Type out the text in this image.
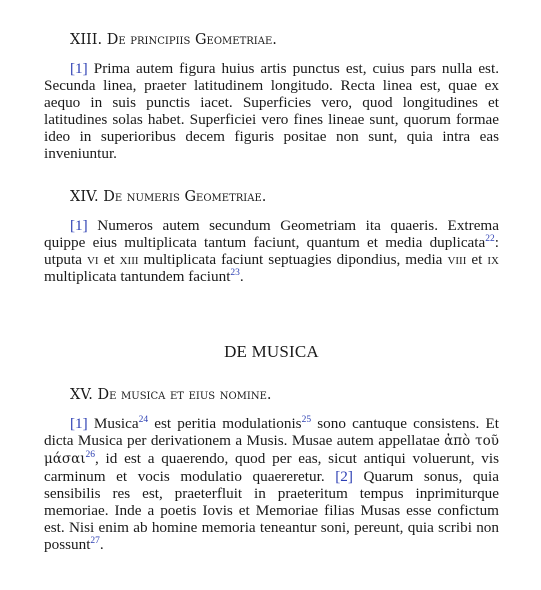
XIII. De principiis Geometriae.
[1] Prima autem figura huius artis punctus est, cuius pars nulla est. Secunda linea, praeter latitudinem longitudo. Recta linea est, quae ex aequo in suis punctis iacet. Superficies vero, quod longitudines et latitudines solas habet. Superficiei vero fines lineae sunt, quorum formae ideo in superioribus decem figuris positae non sunt, quia intra eas inveniuntur.
XIV. De numeris Geometriae.
[1] Numeros autem secundum Geometriam ita quaeris. Extrema quippe eius multiplicata tantum faciunt, quantum et media duplicata$^{22}$: utputa vi et xiii multiplicata faciunt septuagies dipondius, media viii et ix multiplicata tantundem faciunt$^{23}$.
DE MUSICA
XV. De musica et eius nomine.
[1] Musica$^{24}$ est peritia modulationis$^{25}$ sono cantuque consistens. Et dicta Musica per derivationem a Musis. Musae autem appellatae ἀπὸ τοῦ μάσαι$^{26}$, id est a quaerendo, quod per eas, sicut antiqui voluerunt, vis carminum et vocis modulatio quaereretur. [2] Quarum sonus, quia sensibilis res est, praeterfluit in praeteritum tempus inprimiturque memoriae. Inde a poetis Iovis et Memoriae filias Musas esse confictum est. Nisi enim ab homine memoria teneantur soni, pereunt, quia scribi non possunt$^{27}$.
